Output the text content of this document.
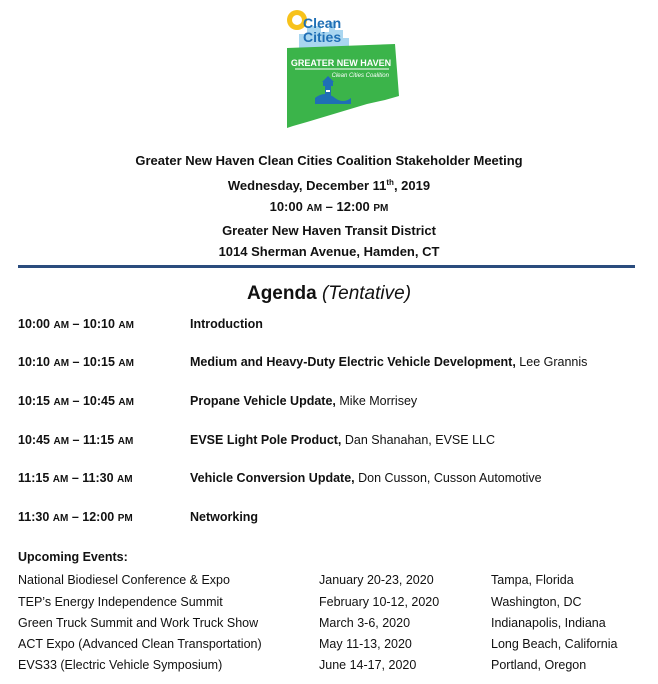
Clean
Cities
GREATER NEW HAVEN
Clean Cities Coalition
Greater New Haven Clean Cities Coalition Stakeholder Meeting
Wednesday, December 11th, 2019
10:00 AM – 12:00 PM
Greater New Haven Transit District
1014 Sherman Avenue, Hamden, CT
Agenda (Tentative)
10:00 AM – 10:10 AM	Introduction
10:10 AM – 10:15 AM	Medium and Heavy-Duty Electric Vehicle Development, Lee Grannis
10:15 AM – 10:45 AM	Propane Vehicle Update, Mike Morrisey
10:45 AM – 11:15 AM	EVSE Light Pole Product, Dan Shanahan, EVSE LLC
11:15 AM – 11:30 AM	Vehicle Conversion Update, Don Cusson, Cusson Automotive
11:30 AM – 12:00 PM	Networking
Upcoming Events:
National Biodiesel Conference & Expo	January 20-23, 2020	Tampa, Florida
TEP’s Energy Independence Summit	February 10-12, 2020	Washington, DC
Green Truck Summit and Work Truck Show	March 3-6, 2020	Indianapolis, Indiana
ACT Expo (Advanced Clean Transportation)	May 11-13, 2020	Long Beach, California
EVS33 (Electric Vehicle Symposium)	June 14-17, 2020	Portland, Oregon
